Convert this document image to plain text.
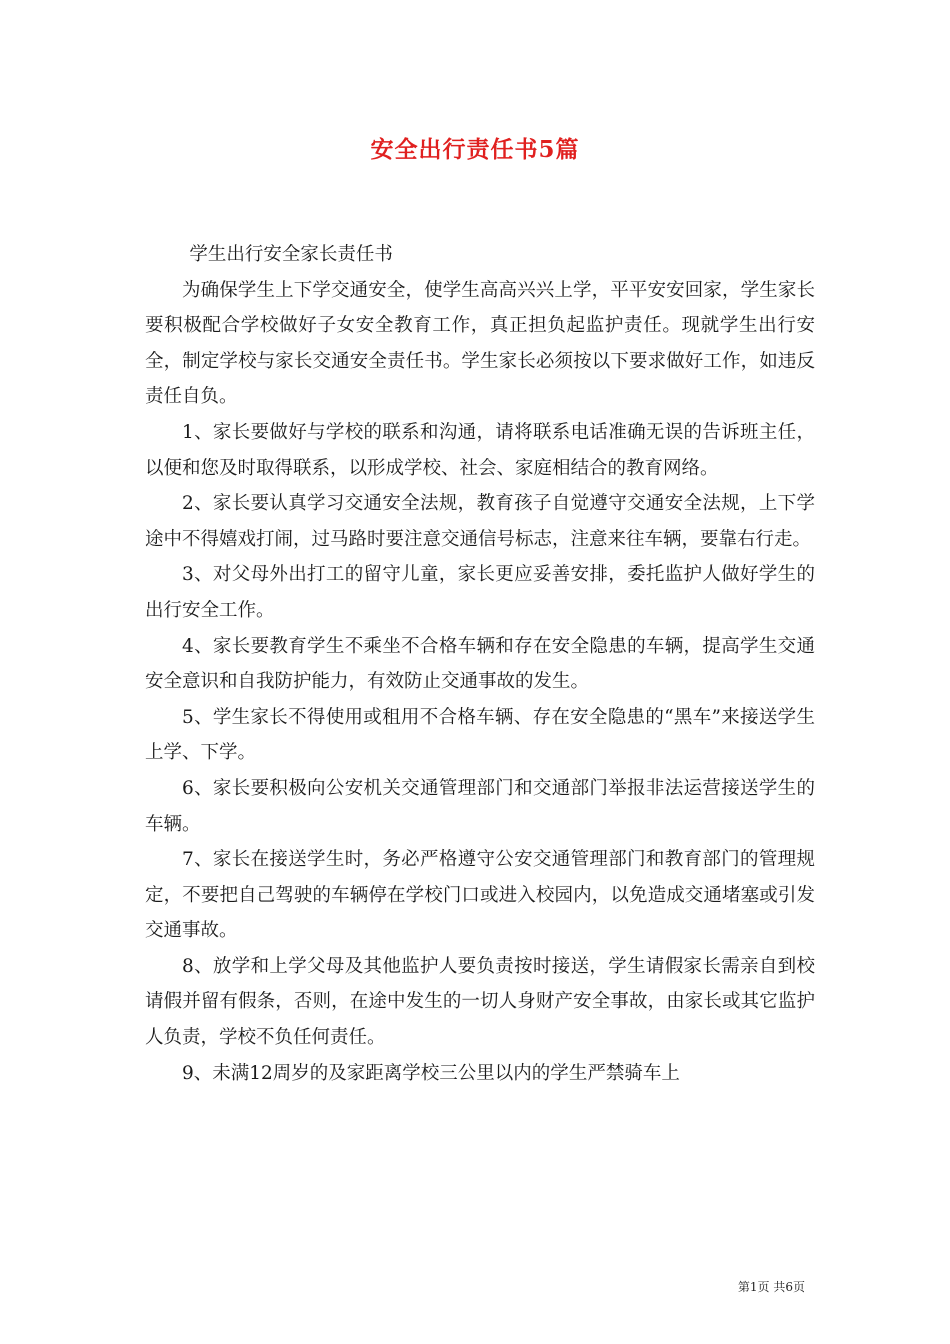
安全出行责任书5篇

学生出行安全家长责任书

为确保学生上下学交通安全，使学生高高兴兴上学，平平安安回家，学生家长要积极配合学校做好子女安全教育工作，真正担负起监护责任。现就学生出行安全，制定学校与家长交通安全责任书。学生家长必须按以下要求做好工作，如违反责任自负。

1、家长要做好与学校的联系和沟通，请将联系电话准确无误的告诉班主任，以便和您及时取得联系，以形成学校、社会、家庭相结合的教育网络。

2、家长要认真学习交通安全法规，教育孩子自觉遵守交通安全法规，上下学途中不得嬉戏打闹，过马路时要注意交通信号标志，注意来往车辆，要靠右行走。

3、对父母外出打工的留守儿童，家长更应妥善安排，委托监护人做好学生的出行安全工作。

4、家长要教育学生不乘坐不合格车辆和存在安全隐患的车辆，提高学生交通安全意识和自我防护能力，有效防止交通事故的发生。

5、学生家长不得使用或租用不合格车辆、存在安全隐患的“黑车”来接送学生上学、下学。

6、家长要积极向公安机关交通管理部门和交通部门举报非法运营接送学生的车辆。

7、家长在接送学生时，务必严格遵守公安交通管理部门和教育部门的管理规定，不要把自己驾驶的车辆停在学校门口或进入校园内，以免造成交通堵塞或引发交通事故。

8、放学和上学父母及其他监护人要负责按时接送，学生请假家长需亲自到校请假并留有假条，否则，在途中发生的一切人身财产安全事故，由家长或其它监护人负责，学校不负任何责任。

9、未满12周岁的及家距离学校三公里以内的学生严禁骑车上

第1页 共6页
